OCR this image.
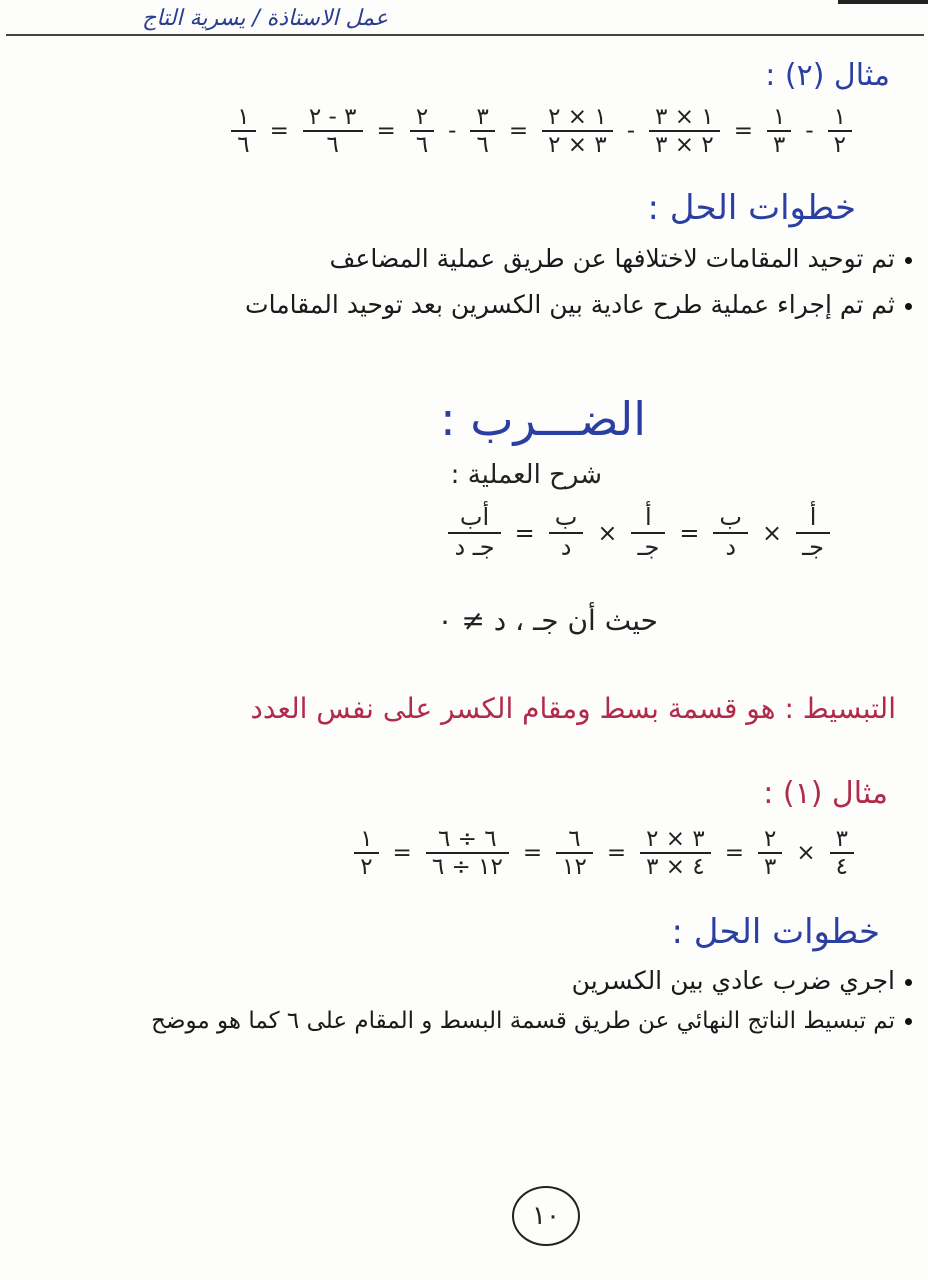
عمل الاستاذة / يسرية التاج
مثال (٢) :
$\frac{١}{٦} = \frac{٣ - ٢}{٦} = \frac{٢}{٦} - \frac{٣}{٦} = \frac{١ \times ٢}{٣ \times ٢} - \frac{١ \times ٣}{٢ \times ٣} = \frac{١}{٣} - \frac{١}{٢}$
خطوات الحل :
تم توحيد المقامات لاختلافها عن طريق عملية المضاعف
ثم تم إجراء عملية طرح عادية بين الكسرين بعد توحيد المقامات
الضـــرب :
شرح العملية :
$\frac{\text{أب}}{\text{جـ د}} = \frac{\text{ب}}{\text{د}} \times \frac{\text{أ}}{\text{جـ}} = \frac{\text{ب}}{\text{د}} \times \frac{\text{أ}}{\text{جـ}}$
حيث أن جـ ، د ≠ ٠
التبسيط : هو قسمة بسط ومقام الكسر على نفس العدد
مثال (١) :
$\frac{١}{٢} = \frac{٦ \div ٦}{١٢ \div ٦} = \frac{٦}{١٢} = \frac{٣ \times ٢}{٤ \times ٣} = \frac{٢}{٣} \times \frac{٣}{٤}$
خطوات الحل :
اجري ضرب عادي بين الكسرين
تم تبسيط الناتج النهائي عن طريق قسمة البسط و المقام على ٦ كما هو موضح
١٠
